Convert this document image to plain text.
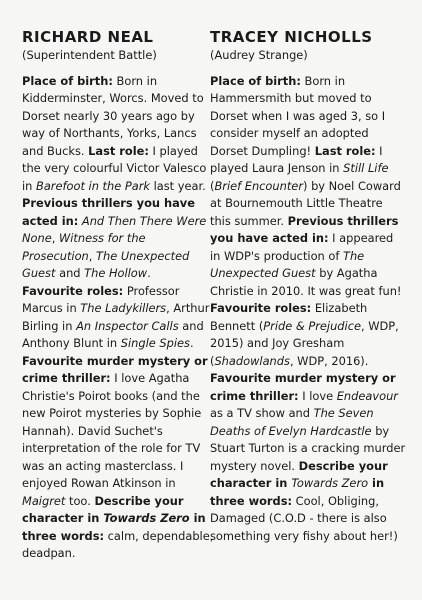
RICHARD NEAL
(Superintendent Battle)

Place of birth: Born in Kidderminster, Worcs. Moved to Dorset nearly 30 years ago by way of Northants, Yorks, Lancs and Bucks. Last role: I played the very colourful Victor Valesco in Barefoot in the Park last year. Previous thrillers you have acted in: And Then There Were None, Witness for the Prosecution, The Unexpected Guest and The Hollow. Favourite roles: Professor Marcus in The Ladykillers, Arthur Birling in An Inspector Calls and Anthony Blunt in Single Spies. Favourite murder mystery or crime thriller: I love Agatha Christie's Poirot books (and the new Poirot mysteries by Sophie Hannah). David Suchet's interpretation of the role for TV was an acting masterclass. I enjoyed Rowan Atkinson in Maigret too. Describe your character in Towards Zero in three words: calm, dependable, deadpan.

TRACEY NICHOLLS
(Audrey Strange)

Place of birth: Born in Hammersmith but moved to Dorset when I was aged 3, so I consider myself an adopted Dorset Dumpling! Last role: I played Laura Jenson in Still Life (Brief Encounter) by Noel Coward at Bournemouth Little Theatre this summer. Previous thrillers you have acted in: I appeared in WDP's production of The Unexpected Guest by Agatha Christie in 2010. It was great fun! Favourite roles: Elizabeth Bennett (Pride & Prejudice, WDP, 2015) and Joy Gresham (Shadowlands, WDP, 2016). Favourite murder mystery or crime thriller: I love Endeavour as a TV show and The Seven Deaths of Evelyn Hardcastle by Stuart Turton is a cracking murder mystery novel. Describe your character in Towards Zero in three words: Cool, Obliging, Damaged (C.O.D - there is also something very fishy about her!)
